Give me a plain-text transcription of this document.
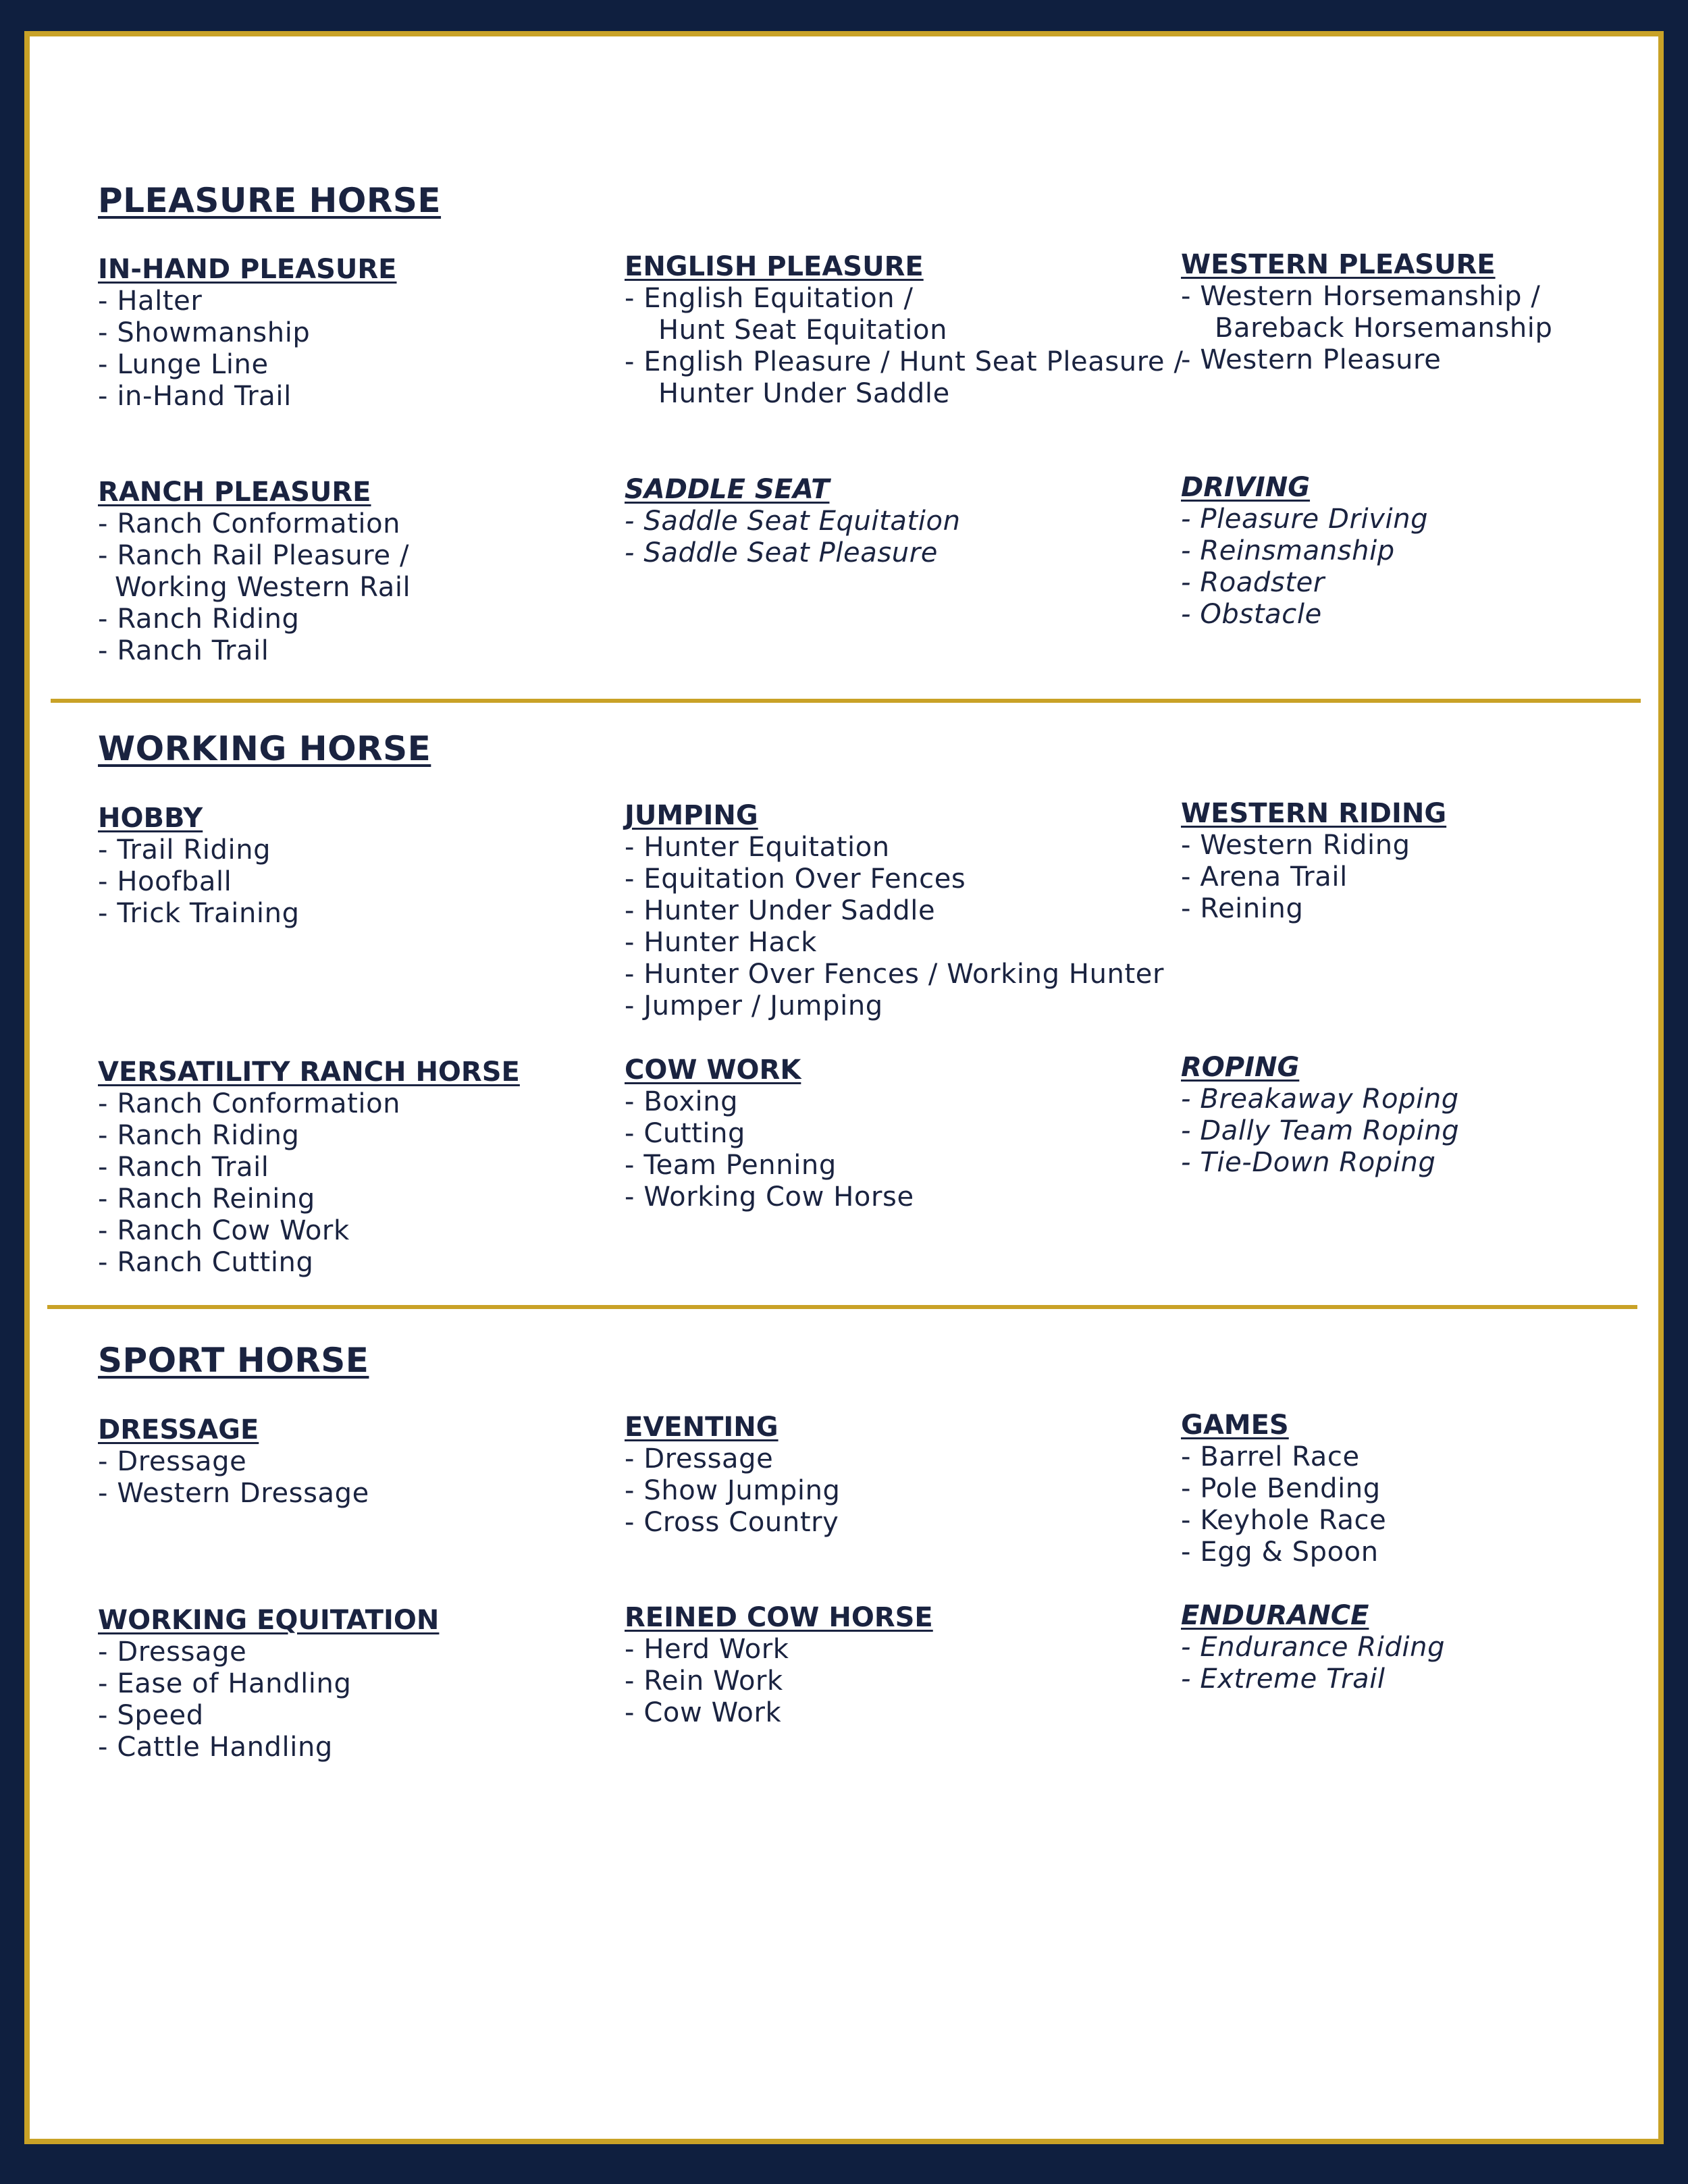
PLEASURE HORSE
IN-HAND PLEASURE
- Halter
- Showmanship
- Lunge Line
- in-Hand Trail
ENGLISH PLEASURE
- English Equitation /
Hunt Seat Equitation
- English Pleasure / Hunt Seat Pleasure /
Hunter Under Saddle
WESTERN PLEASURE
- Western Horsemanship /
Bareback Horsemanship
- Western Pleasure
RANCH PLEASURE
- Ranch Conformation
- Ranch Rail Pleasure /
Working Western Rail
- Ranch Riding
- Ranch Trail
SADDLE SEAT
- Saddle Seat Equitation
- Saddle Seat Pleasure
DRIVING
- Pleasure Driving
- Reinsmanship
- Roadster
- Obstacle
WORKING HORSE
HOBBY
- Trail Riding
- Hoofball
- Trick Training
JUMPING
- Hunter Equitation
- Equitation Over Fences
- Hunter Under Saddle
- Hunter Hack
- Hunter Over Fences / Working Hunter
- Jumper / Jumping
WESTERN RIDING
- Western Riding
- Arena Trail
- Reining
VERSATILITY RANCH HORSE
- Ranch Conformation
- Ranch Riding
- Ranch Trail
- Ranch Reining
- Ranch Cow Work
- Ranch Cutting
COW WORK
- Boxing
- Cutting
- Team Penning
- Working Cow Horse
ROPING
- Breakaway Roping
- Dally Team Roping
- Tie-Down Roping
SPORT HORSE
DRESSAGE
- Dressage
- Western Dressage
EVENTING
- Dressage
- Show Jumping
- Cross Country
GAMES
- Barrel Race
- Pole Bending
- Keyhole Race
- Egg & Spoon
WORKING EQUITATION
- Dressage
- Ease of Handling
- Speed
- Cattle Handling
REINED COW HORSE
- Herd Work
- Rein Work
- Cow Work
ENDURANCE
- Endurance Riding
- Extreme Trail
